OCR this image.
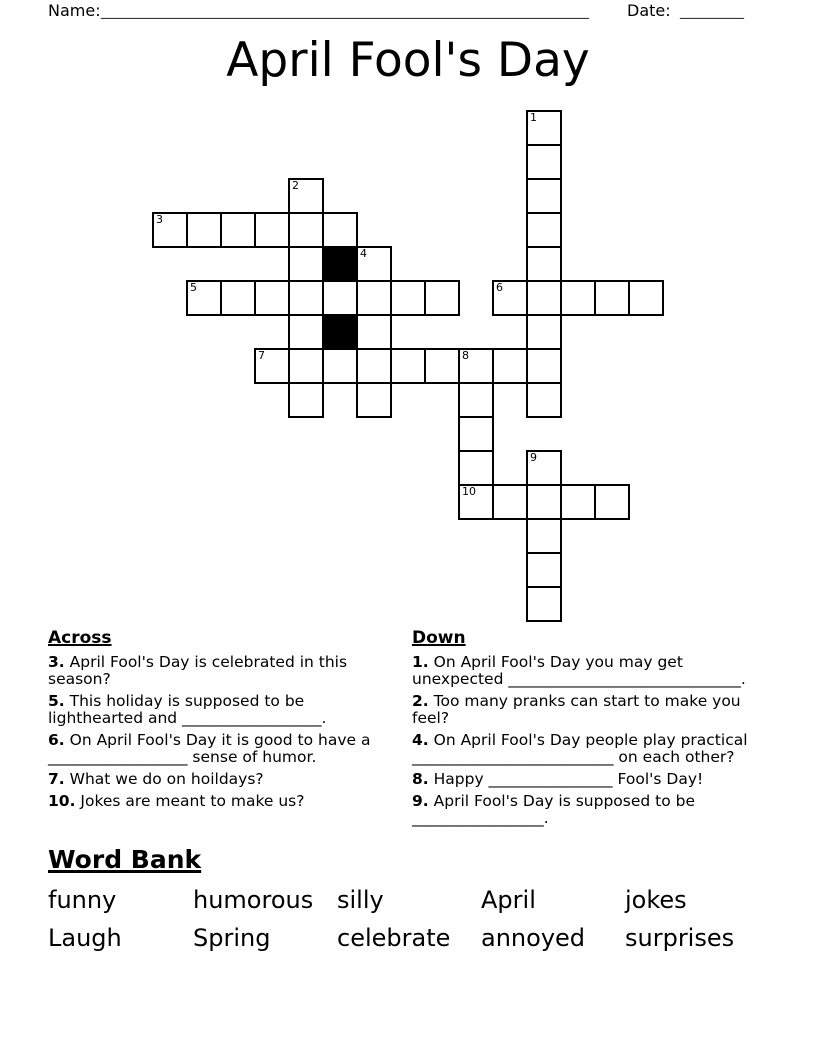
Name: _____________________________________________________________ Date: ________
April Fool's Day
1
2
3
4
5	6
7	8
9
10
Across
3. April Fool's Day is celebrated in this season?
5. This holiday is supposed to be lighthearted and __________________.
6. On April Fool's Day it is good to have a __________________ sense of humor.
7. What we do on hoildays?
10. Jokes are meant to make us?
Down
1. On April Fool's Day you may get unexpected ______________________________.
2. Too many pranks can start to make you feel?
4. On April Fool's Day people play practical __________________________ on each other?
8. Happy ________________ Fool's Day!
9. April Fool's Day is supposed to be _________________.
Word Bank
funny	humorous silly	April	jokes
Laugh	Spring	celebrate	annoyed	surprises
